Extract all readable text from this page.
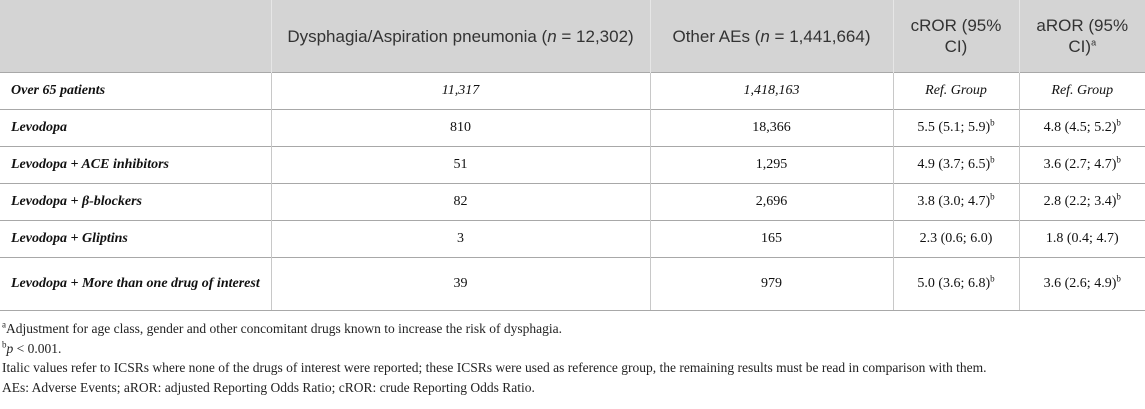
	Dysphagia/Aspiration pneumonia (n = 12,302)	Other AEs (n = 1,441,664)	cROR (95% CI)	aROR (95% CI)$^a$
Over 65 patients	11,317	1,418,163	Ref. Group	Ref. Group
Levodopa	810	18,366	5.5 (5.1; 5.9)$^b$	4.8 (4.5; 5.2)$^b$
Levodopa + ACE inhibitors	51	1,295	4.9 (3.7; 6.5)$^b$	3.6 (2.7; 4.7)$^b$
Levodopa + β-blockers	82	2,696	3.8 (3.0; 4.7)$^b$	2.8 (2.2; 3.4)$^b$
Levodopa + Gliptins	3	165	2.3 (0.6; 6.0)	1.8 (0.4; 4.7)
Levodopa + More than one drug of interest	39	979	5.0 (3.6; 6.8)$^b$	3.6 (2.6; 4.9)$^b$
$^a$Adjustment for age class, gender and other concomitant drugs known to increase the risk of dysphagia.
$^b$p < 0.001.
Italic values refer to ICSRs where none of the drugs of interest were reported; these ICSRs were used as reference group, the remaining results must be read in comparison with them.
AEs: Adverse Events; aROR: adjusted Reporting Odds Ratio; cROR: crude Reporting Odds Ratio.
